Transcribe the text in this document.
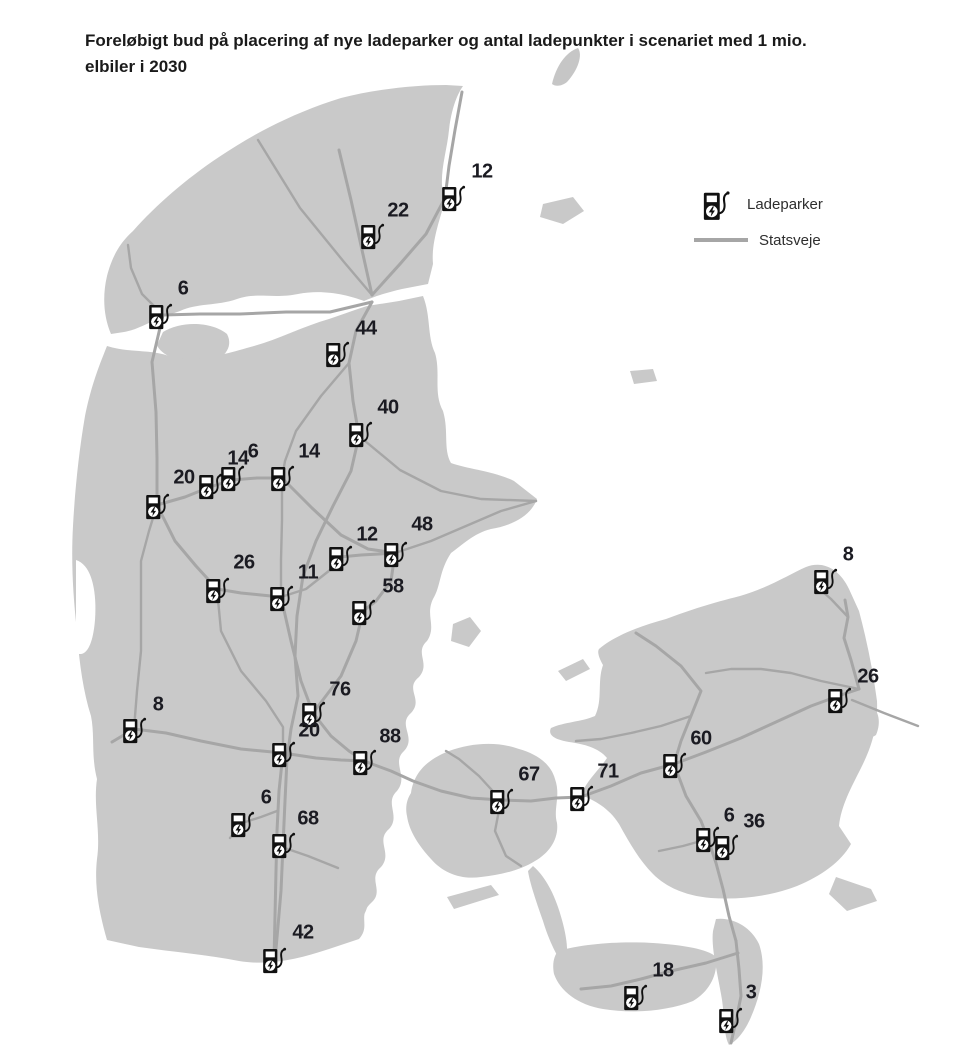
Foreløbigt bud på placering af nye ladeparker og antal ladepunkter i scenariet med 1 mio.
elbiler i 2030
Ladeparker
Statsveje
12
22
6
44
40
20
14 6 14
26 11
12 48
58
8
76
20	88
6
68
42
67	71
60
8
26
6 36
18
3
